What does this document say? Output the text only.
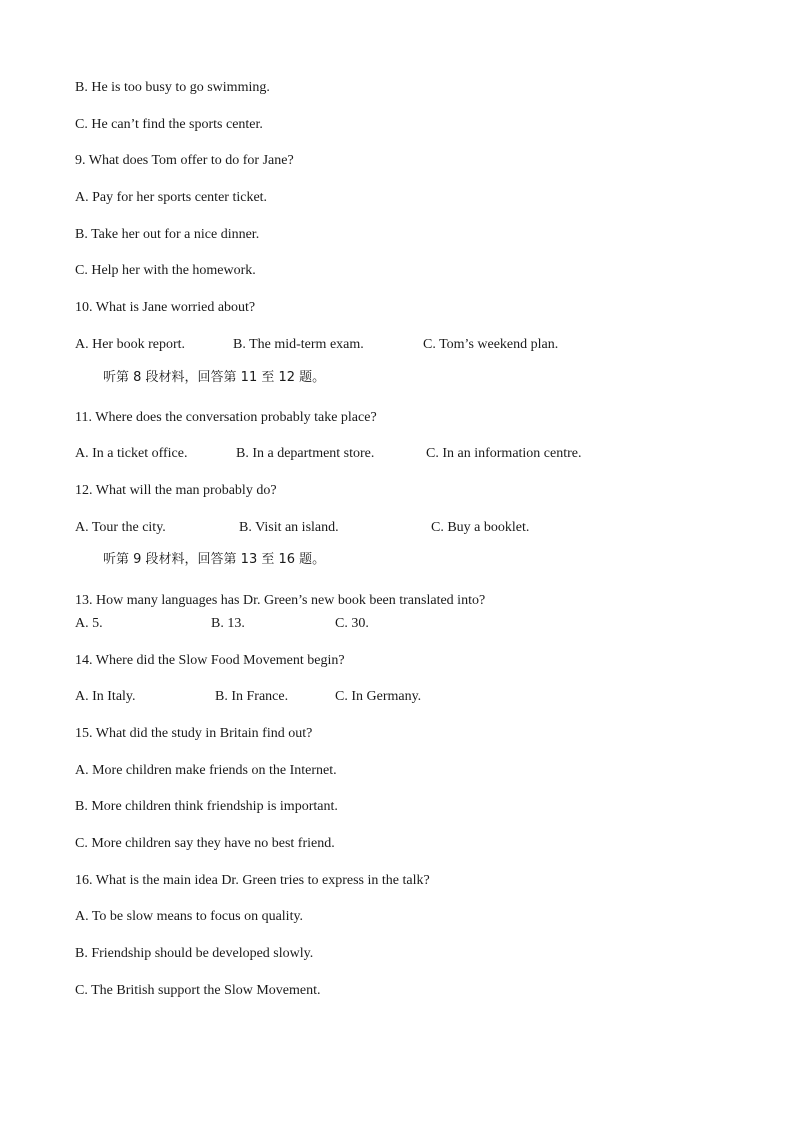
B. He is too busy to go swimming.
C. He can’t find the sports center.
9. What does Tom offer to do for Jane?
A. Pay for her sports center ticket.
B. Take her out for a nice dinner.
C. Help her with the homework.
10. What is Jane worried about?

A. Her book report.

	B. The mid-term exam.

	C. Tom’s weekend plan.

听第 8 段材料，回答第 11 至 12 题。
11. Where does the conversation probably take place?

A. In a ticket office.

	B. In a department store.

	C. In an information centre.

12. What will the man probably do?

A. Tour the city.

	B. Visit an island.

	C. Buy a booklet.

听第 9 段材料，回答第 13 至 16 题。
13. How many languages has Dr. Green’s new book been translated into?

A. 5.

	B. 13.

	C. 30.

14. Where did the Slow Food Movement begin?

A. In Italy.

	B. In France.

	C. In Germany.

15. What did the study in Britain find out?
A. More children make friends on the Internet.
B. More children think friendship is important.
C. More children say they have no best friend.
16. What is the main idea Dr. Green tries to express in the talk?
A. To be slow means to focus on quality.
B. Friendship should be developed slowly.
C. The British support the Slow Movement.
